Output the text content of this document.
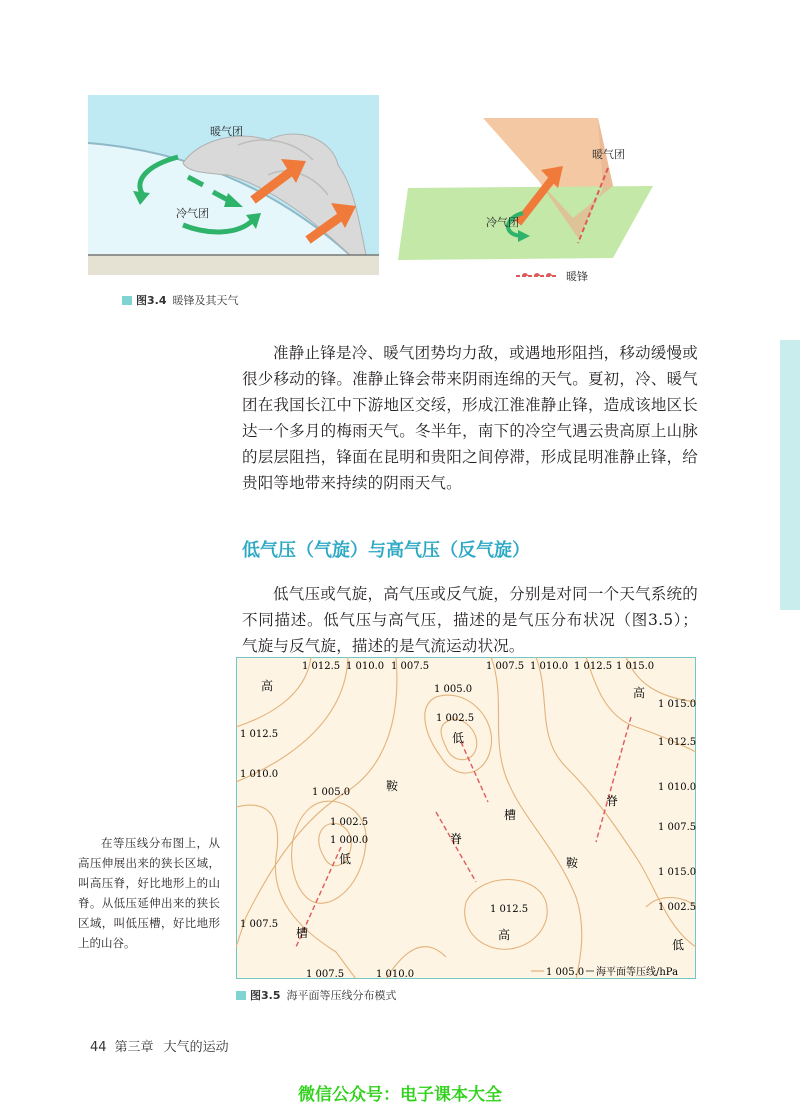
暖气团
冷气团
暖气团
冷气团
暖锋
图3.4 暖锋及其天气

准静止锋是冷、暖气团势均力敌，或遇地形阻挡，移动缓慢或很少移动的锋。准静止锋会带来阴雨连绵的天气。夏初，冷、暖气团在我国长江中下游地区交绥，形成江淮准静止锋，造成该地区长达一个多月的梅雨天气。冬半年，南下的冷空气遇云贵高原上山脉的层层阻挡，锋面在昆明和贵阳之间停滞，形成昆明准静止锋，给贵阳等地带来持续的阴雨天气。

低气压（气旋）与高气压（反气旋）

低气压或气旋，高气压或反气旋，分别是对同一个天气系统的不同描述。低气压与高气压，描述的是气压分布状况（图3.5）；气旋与反气旋，描述的是气流运动状况。

在等压线分布图上，从高压伸展出来的狭长区域，叫高压脊，好比地形上的山脊。从低压延伸出来的狭长区域，叫低压槽，好比地形上的山谷。

1 012.5 1 010.0 1 007.5	1 007.5 1 010.0 1 012.5 1 015.0
1 012.5
1 010.0
1 007.5
1 015.0
1 012.5
1 010.0
1 007.5
1 015.0
1 002.5
1 007.5	1 010.0
1 005.0
1 002.5
1 005.0
1 002.5
1 000.0
1 012.5
高	高
低
低
低
高
鞍
鞍
槽
槽
脊
脊
1 005.0 海平面等压线/hPa
图3.5 海平面等压线分布模式
44 第三章 大气的运动
微信公众号：电子课本大全
